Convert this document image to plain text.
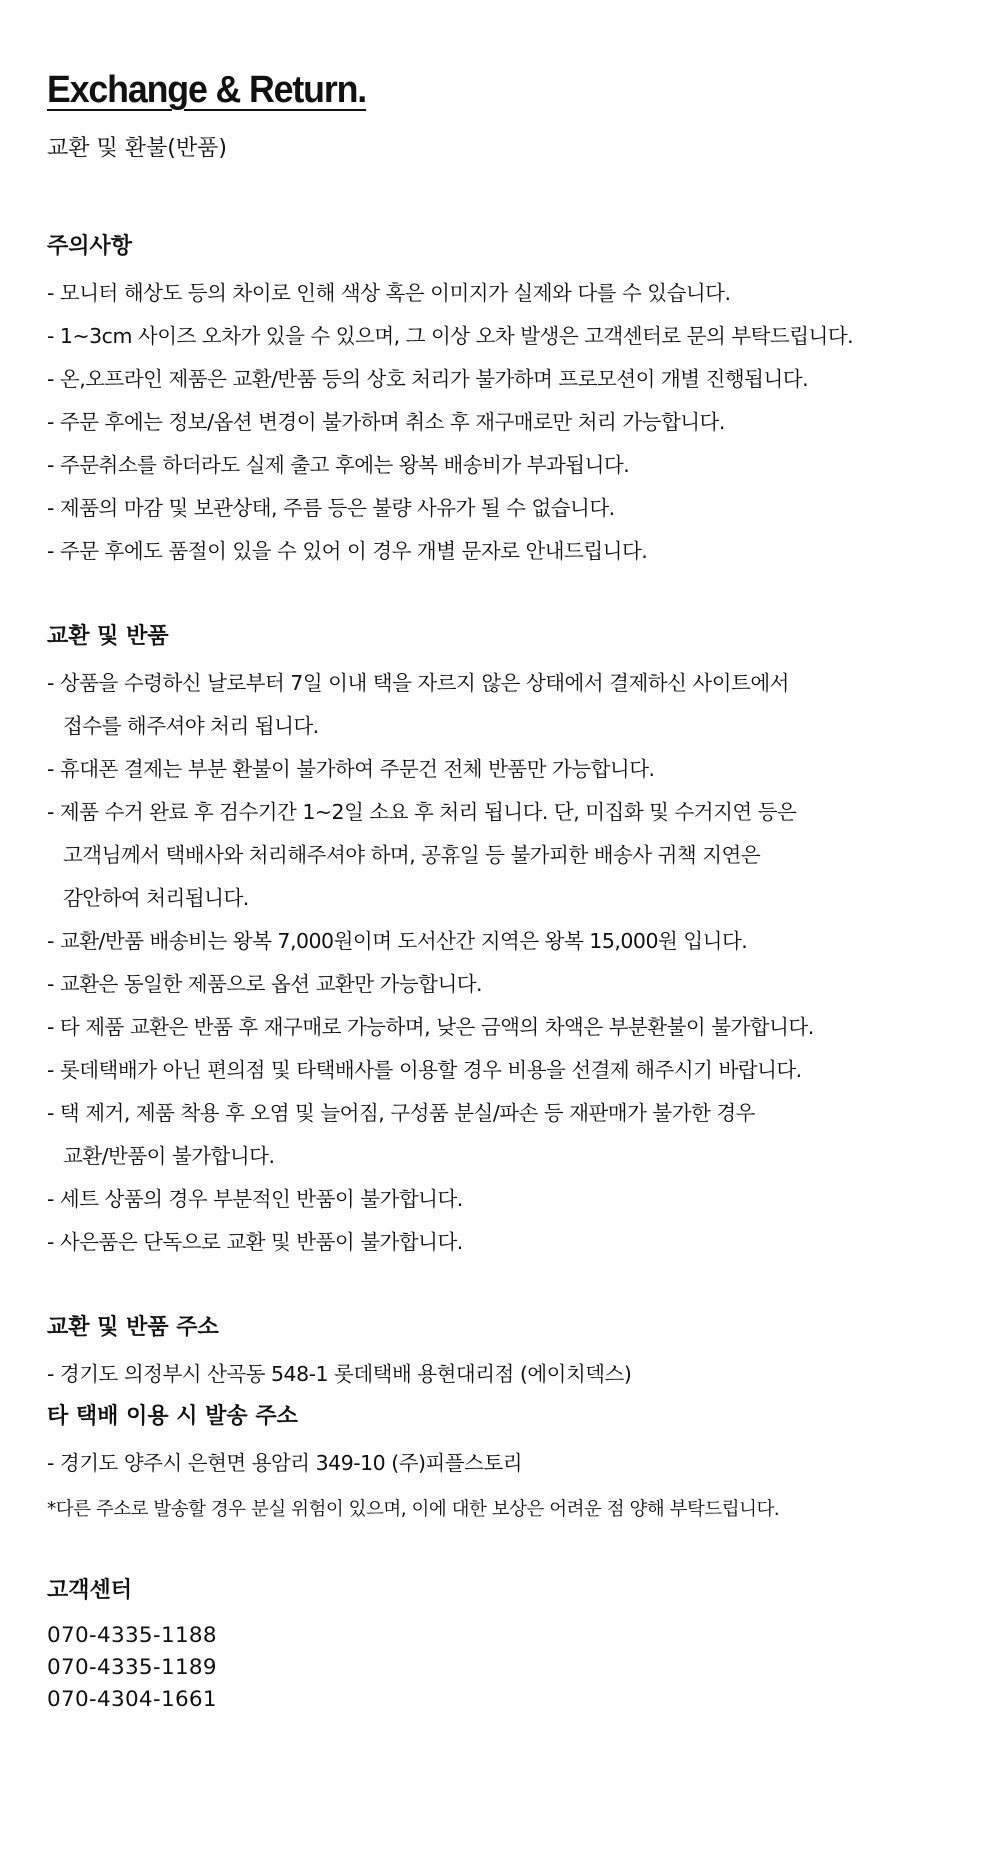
Exchange & Return.
교환 및 환불(반품)
주의사항
- 모니터 해상도 등의 차이로 인해 색상 혹은 이미지가 실제와 다를 수 있습니다.
- 1~3cm 사이즈 오차가 있을 수 있으며, 그 이상 오차 발생은 고객센터로 문의 부탁드립니다.
- 온,오프라인 제품은 교환/반품 등의 상호 처리가 불가하며 프로모션이 개별 진행됩니다.
- 주문 후에는 정보/옵션 변경이 불가하며 취소 후 재구매로만 처리 가능합니다.
- 주문취소를 하더라도 실제 출고 후에는 왕복 배송비가 부과됩니다.
- 제품의 마감 및 보관상태, 주름 등은 불량 사유가 될 수 없습니다.
- 주문 후에도 품절이 있을 수 있어 이 경우 개별 문자로 안내드립니다.
교환 및 반품
- 상품을 수령하신 날로부터 7일 이내 택을 자르지 않은 상태에서 결제하신 사이트에서
접수를 해주셔야 처리 됩니다.
- 휴대폰 결제는 부분 환불이 불가하여 주문건 전체 반품만 가능합니다.
- 제품 수거 완료 후 검수기간 1~2일 소요 후 처리 됩니다. 단, 미집화 및 수거지연 등은
고객님께서 택배사와 처리해주셔야 하며, 공휴일 등 불가피한 배송사 귀책 지연은
감안하여 처리됩니다.
- 교환/반품 배송비는 왕복 7,000원이며 도서산간 지역은 왕복 15,000원 입니다.
- 교환은 동일한 제품으로 옵션 교환만 가능합니다.
- 타 제품 교환은 반품 후 재구매로 가능하며, 낮은 금액의 차액은 부분환불이 불가합니다.
- 롯데택배가 아닌 편의점 및 타택배사를 이용할 경우 비용을 선결제 해주시기 바랍니다.
- 택 제거, 제품 착용 후 오염 및 늘어짐, 구성품 분실/파손 등 재판매가 불가한 경우
교환/반품이 불가합니다.
- 세트 상품의 경우 부분적인 반품이 불가합니다.
- 사은품은 단독으로 교환 및 반품이 불가합니다.
교환 및 반품 주소
- 경기도 의정부시 산곡동 548-1 롯데택배 용현대리점 (에이치덱스)
타 택배 이용 시 발송 주소
- 경기도 양주시 은현면 용암리 349-10 (주)피플스토리
*다른 주소로 발송할 경우 분실 위험이 있으며, 이에 대한 보상은 어려운 점 양해 부탁드립니다.
고객센터
070-4335-1188
070-4335-1189
070-4304-1661
